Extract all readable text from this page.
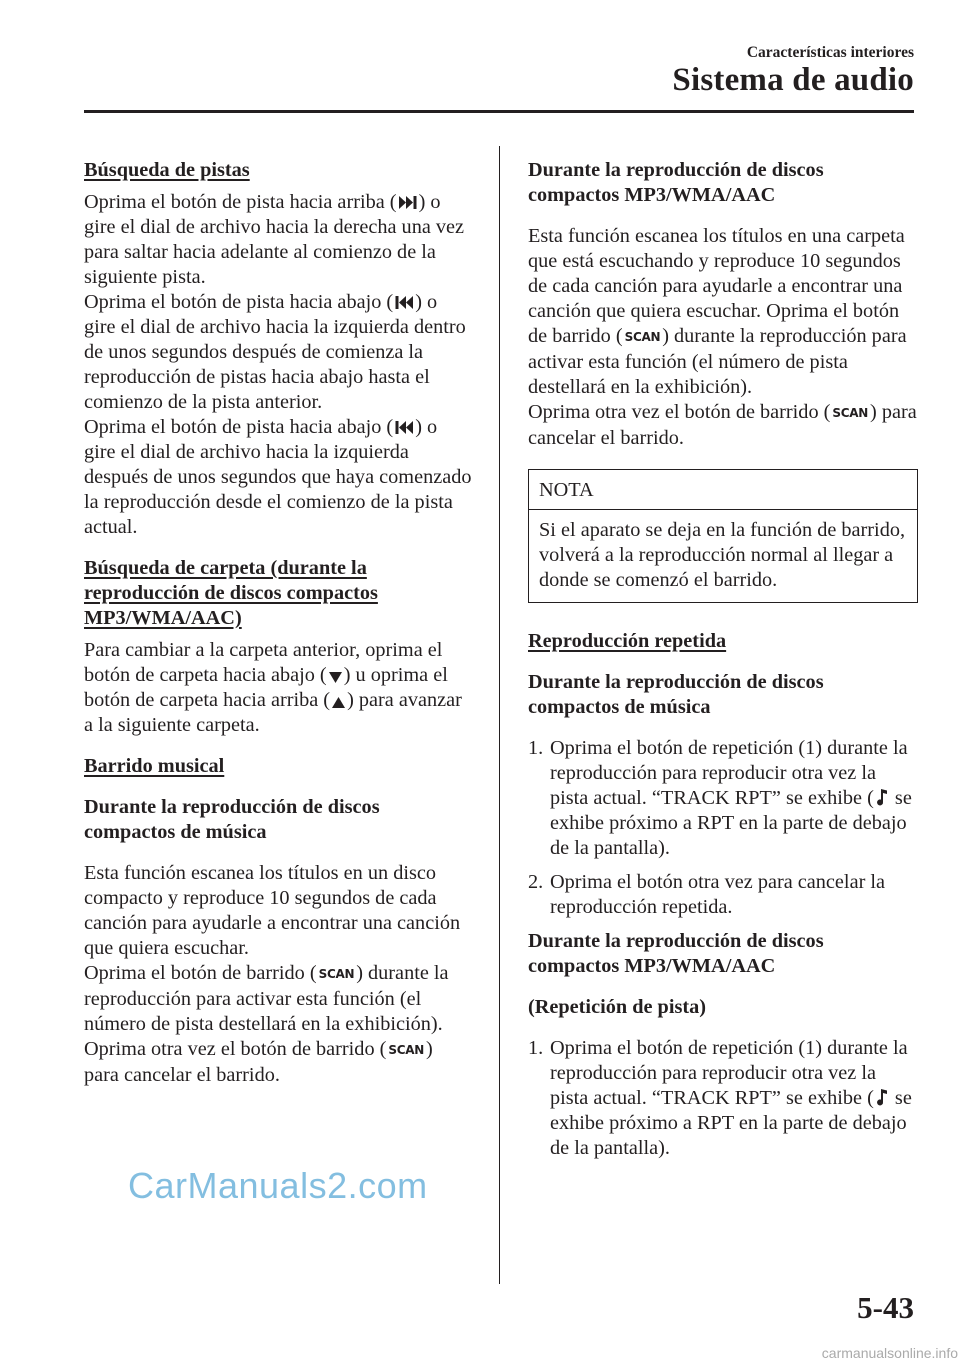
Características interiores
Sistema de audio
Búsqueda de pistas
Oprima el botón de pista hacia arriba ( ) o gire el dial de archivo hacia la derecha una vez para saltar hacia adelante al comienzo de la siguiente pista.
Oprima el botón de pista hacia abajo ( ) o gire el dial de archivo hacia la izquierda dentro de unos segundos después de comienza la reproducción de pistas hacia abajo hasta el comienzo de la pista anterior.
Oprima el botón de pista hacia abajo ( ) o gire el dial de archivo hacia la izquierda después de unos segundos que haya comenzado la reproducción desde el comienzo de la pista actual.
Búsqueda de carpeta (durante la reproducción de discos compactos MP3/WMA/AAC)
Para cambiar a la carpeta anterior, oprima el botón de carpeta hacia abajo ( ) u oprima el botón de carpeta hacia arriba ( ) para avanzar a la siguiente carpeta.
Barrido musical
Durante la reproducción de discos compactos de música
Esta función escanea los títulos en un disco compacto y reproduce 10 segundos de cada canción para ayudarle a encontrar una canción que quiera escuchar.
Oprima el botón de barrido ( SCAN) durante la reproducción para activar esta función (el número de pista destellará en la exhibición). Oprima otra vez el botón de barrido ( SCAN) para cancelar el barrido.
Durante la reproducción de discos compactos MP3/WMA/AAC
Esta función escanea los títulos en una carpeta que está escuchando y reproduce 10 segundos de cada canción para ayudarle a encontrar una canción que quiera escuchar. Oprima el botón de barrido ( SCAN) durante la reproducción para activar esta función (el número de pista destellará en la exhibición).
Oprima otra vez el botón de barrido ( SCAN) para cancelar el barrido.
NOTA
Si el aparato se deja en la función de barrido, volverá a la reproducción normal al llegar a donde se comenzó el barrido.
Reproducción repetida
Durante la reproducción de discos compactos de música
1. Oprima el botón de repetición (1) durante la reproducción para reproducir otra vez la pista actual. “TRACK RPT” se exhibe ( se exhibe próximo a RPT en la parte de debajo de la pantalla).
2. Oprima el botón otra vez para cancelar la reproducción repetida.
Durante la reproducción de discos compactos MP3/WMA/AAC
(Repetición de pista)
1. Oprima el botón de repetición (1) durante la reproducción para reproducir otra vez la pista actual. “TRACK RPT” se exhibe ( se exhibe próximo a RPT en la parte de debajo de la pantalla).
CarManuals2.com
5-43
carmanualsonline.info
